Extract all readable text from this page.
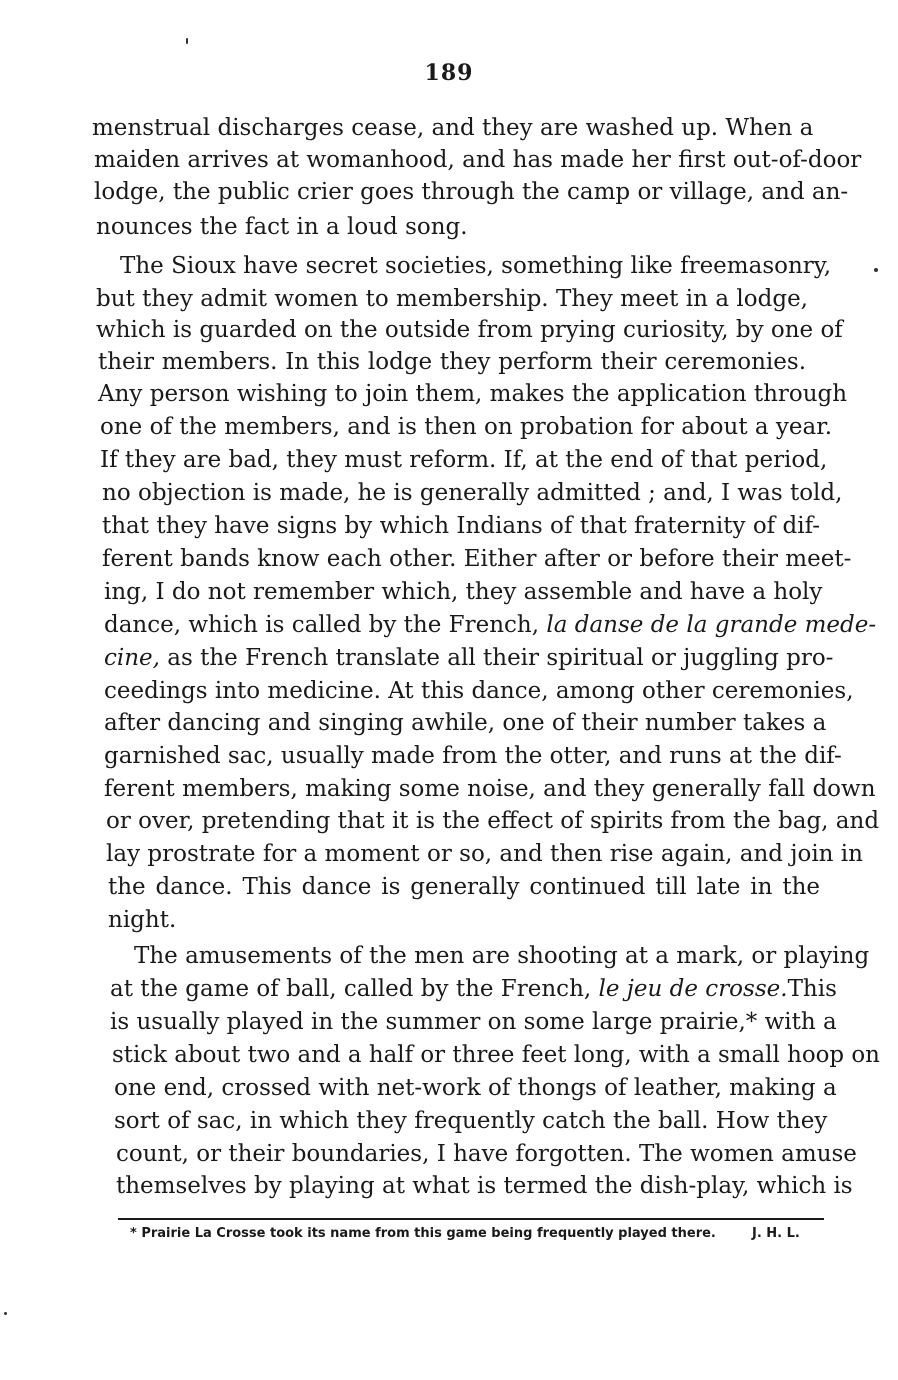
189
menstrual discharges cease, and they are washed up. When a
maiden arrives at womanhood, and has made her first out-of-door
lodge, the public crier goes through the camp or village, and an-
nounces the fact in a loud song.
The Sioux have secret societies, something like freemasonry,
but they admit women to membership. They meet in a lodge,
which is guarded on the outside from prying curiosity, by one of
their members. In this lodge they perform their ceremonies.
Any person wishing to join them, makes the application through
one of the members, and is then on probation for about a year.
If they are bad, they must reform. If, at the end of that period,
no objection is made, he is generally admitted ; and, I was told,
that they have signs by which Indians of that fraternity of dif-
ferent bands know each other. Either after or before their meet-
ing, I do not remember which, they assemble and have a holy
dance, which is called by the French, la danse de la grande mede-
cine, as the French translate all their spiritual or juggling pro-
ceedings into medicine. At this dance, among other ceremonies,
after dancing and singing awhile, one of their number takes a
garnished sac, usually made from the otter, and runs at the dif-
ferent members, making some noise, and they generally fall down
or over, pretending that it is the effect of spirits from the bag, and
lay prostrate for a moment or so, and then rise again, and join in
the dance. This dance is generally continued till late in the
night.
The amusements of the men are shooting at a mark, or playing
at the game of ball, called by the French, le jeu de crosse. This
is usually played in the summer on some large prairie,* with a
stick about two and a half or three feet long, with a small hoop on
one end, crossed with net-work of thongs of leather, making a
sort of sac, in which they frequently catch the ball. How they
count, or their boundaries, I have forgotten. The women amuse
themselves by playing at what is termed the dish-play, which is
* Prairie La Crosse took its name from this game being frequently played there.	J. H. L.
